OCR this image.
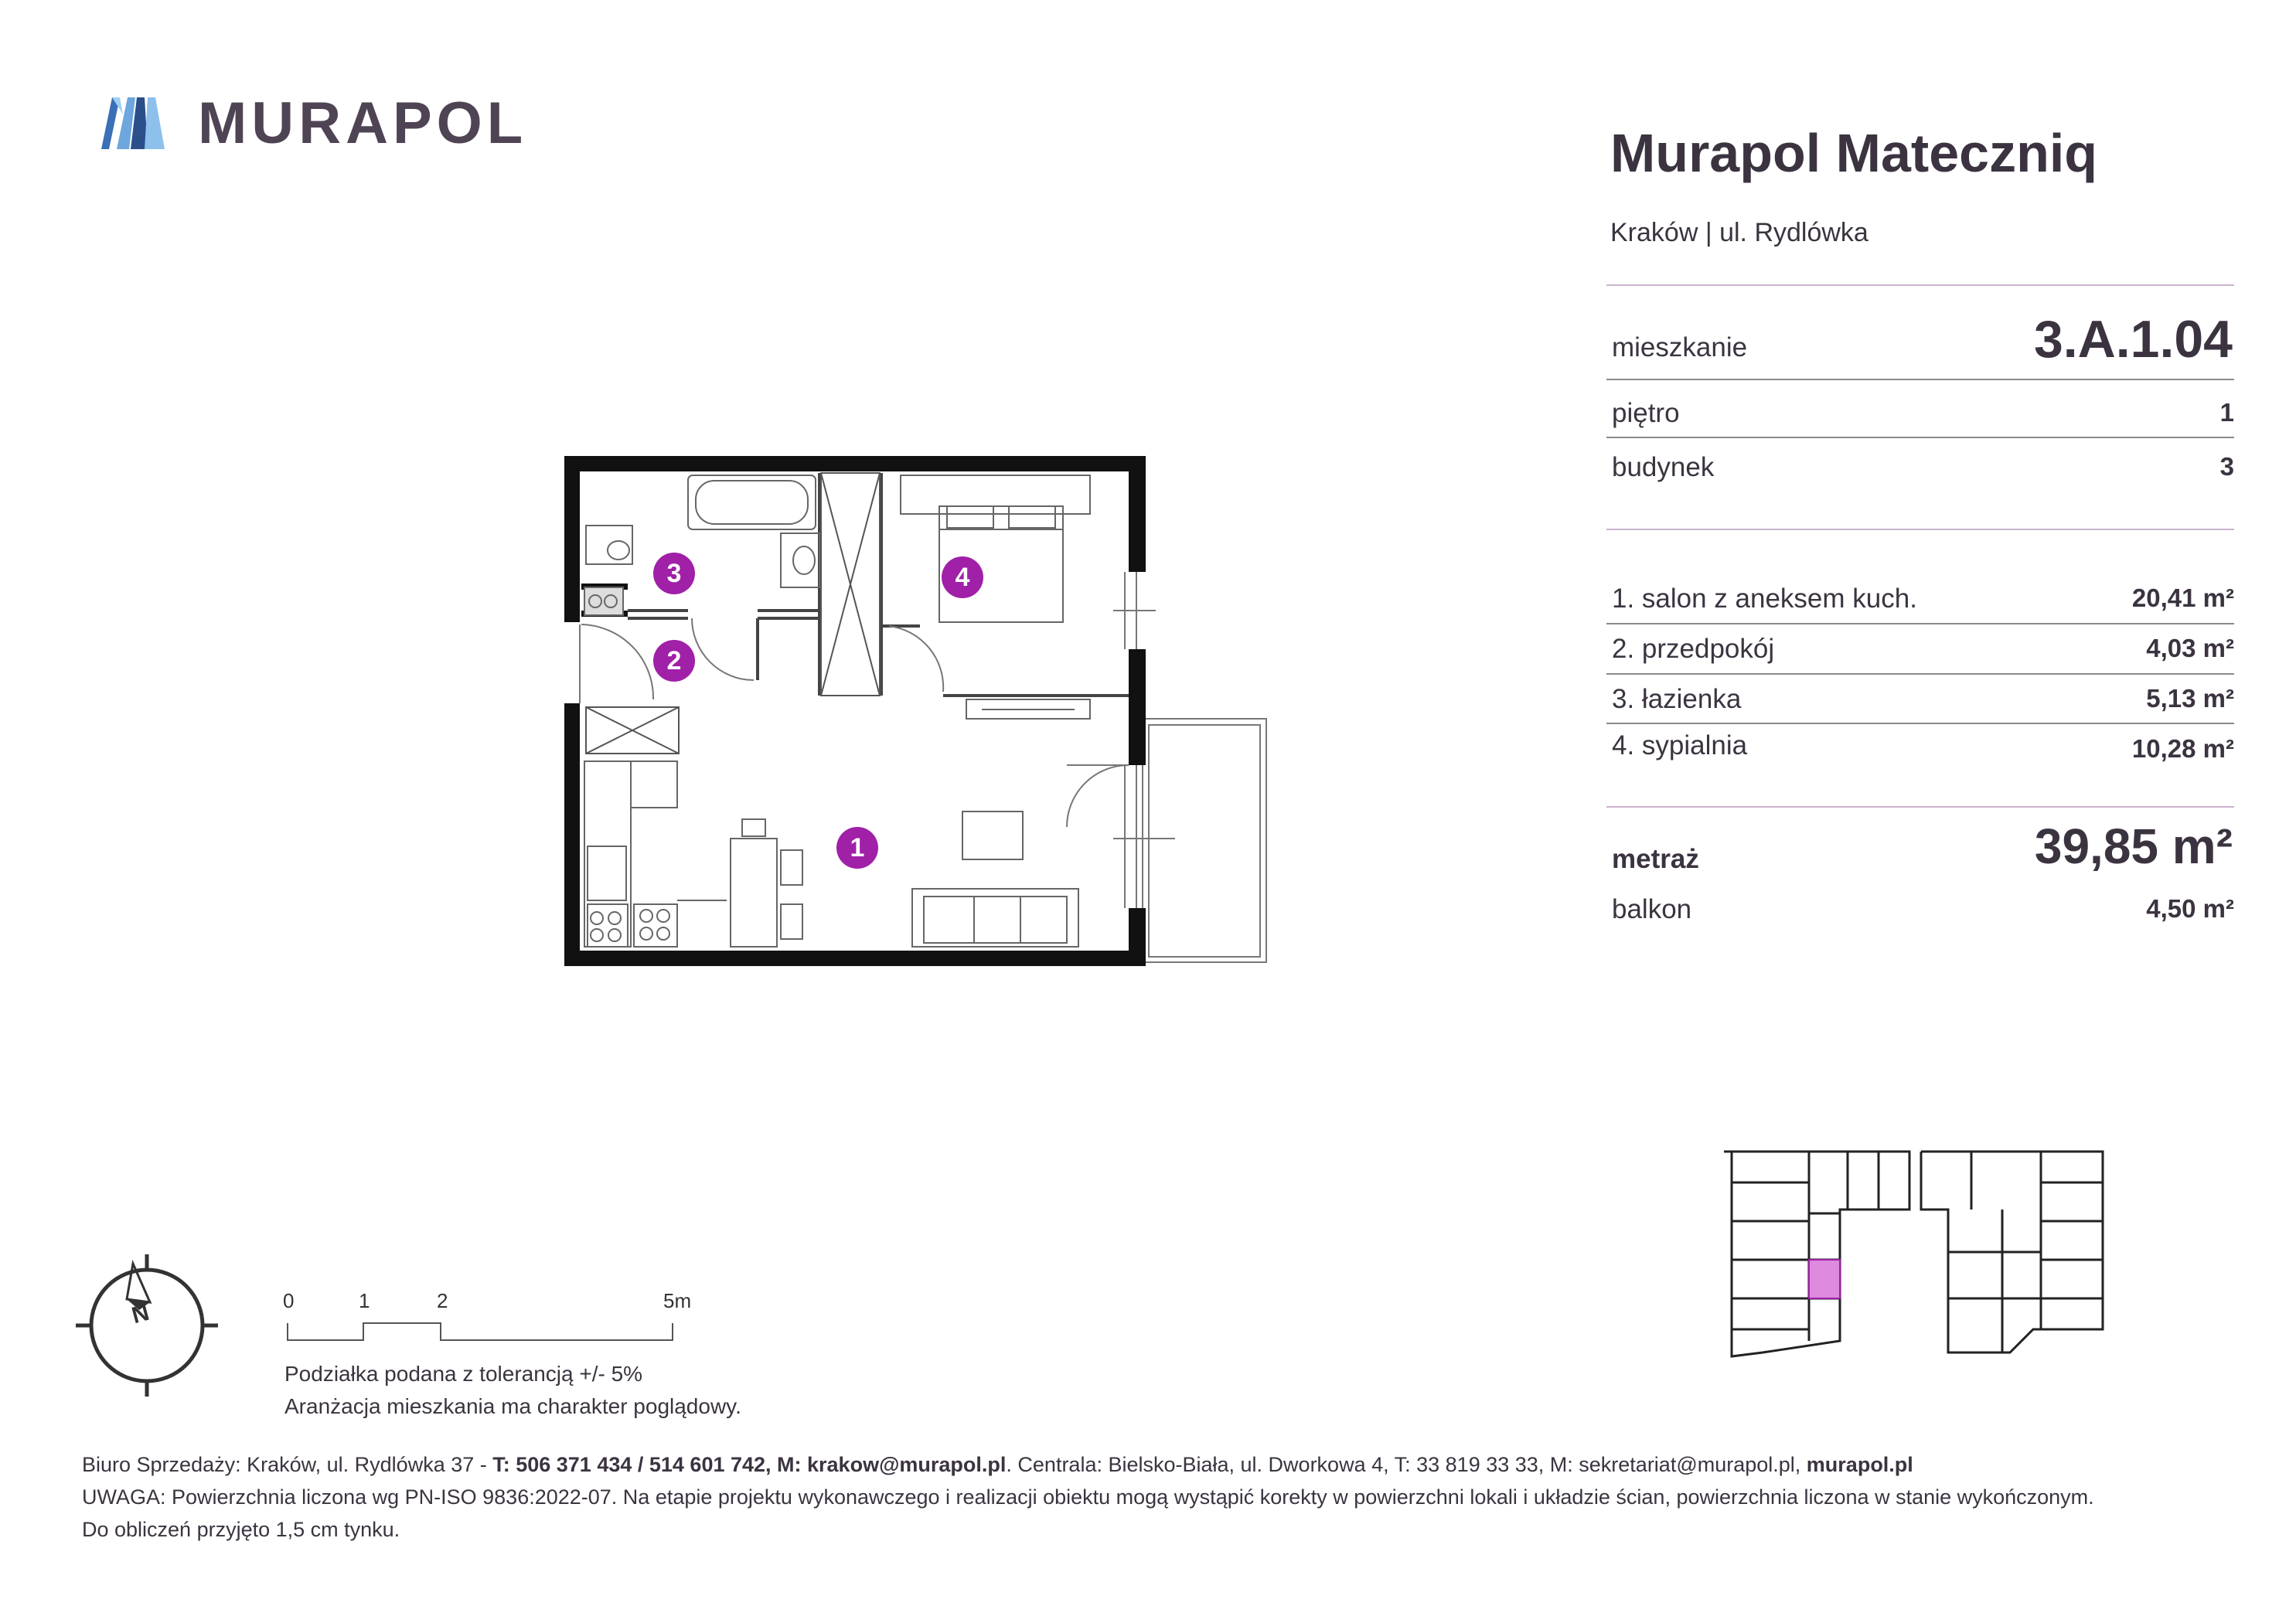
MURAPOL	Murapol Mateczniq
Kraków | ul. Rydlówka
mieszkanie	3.A.1.04
piętro	1
budynek	3
1. salon z aneksem kuch.	20,41 m²
2. przedpokój	4,03 m²
3. łazienka	5,13 m²
4. sypialnia	10,28 m²
metraż	39,85 m²
balkon	4,50 m²
3
2
4
1
N	0	1	2	5m
Podziałka podana z tolerancją +/- 5%
Aranżacja mieszkania ma charakter poglądowy.
Biuro Sprzedaży: Kraków, ul. Rydlówka 37 - T: 506 371 434 / 514 601 742, M: krakow@murapol.pl. Centrala: Bielsko-Biała, ul. Dworkowa 4, T: 33 819 33 33, M: sekretariat@murapol.pl, murapol.pl
UWAGA: Powierzchnia liczona wg PN-ISO 9836:2022-07. Na etapie projektu wykonawczego i realizacji obiektu mogą wystąpić korekty w powierzchni lokali i układzie ścian, powierzchnia liczona w stanie wykończonym.
Do obliczeń przyjęto 1,5 cm tynku.
